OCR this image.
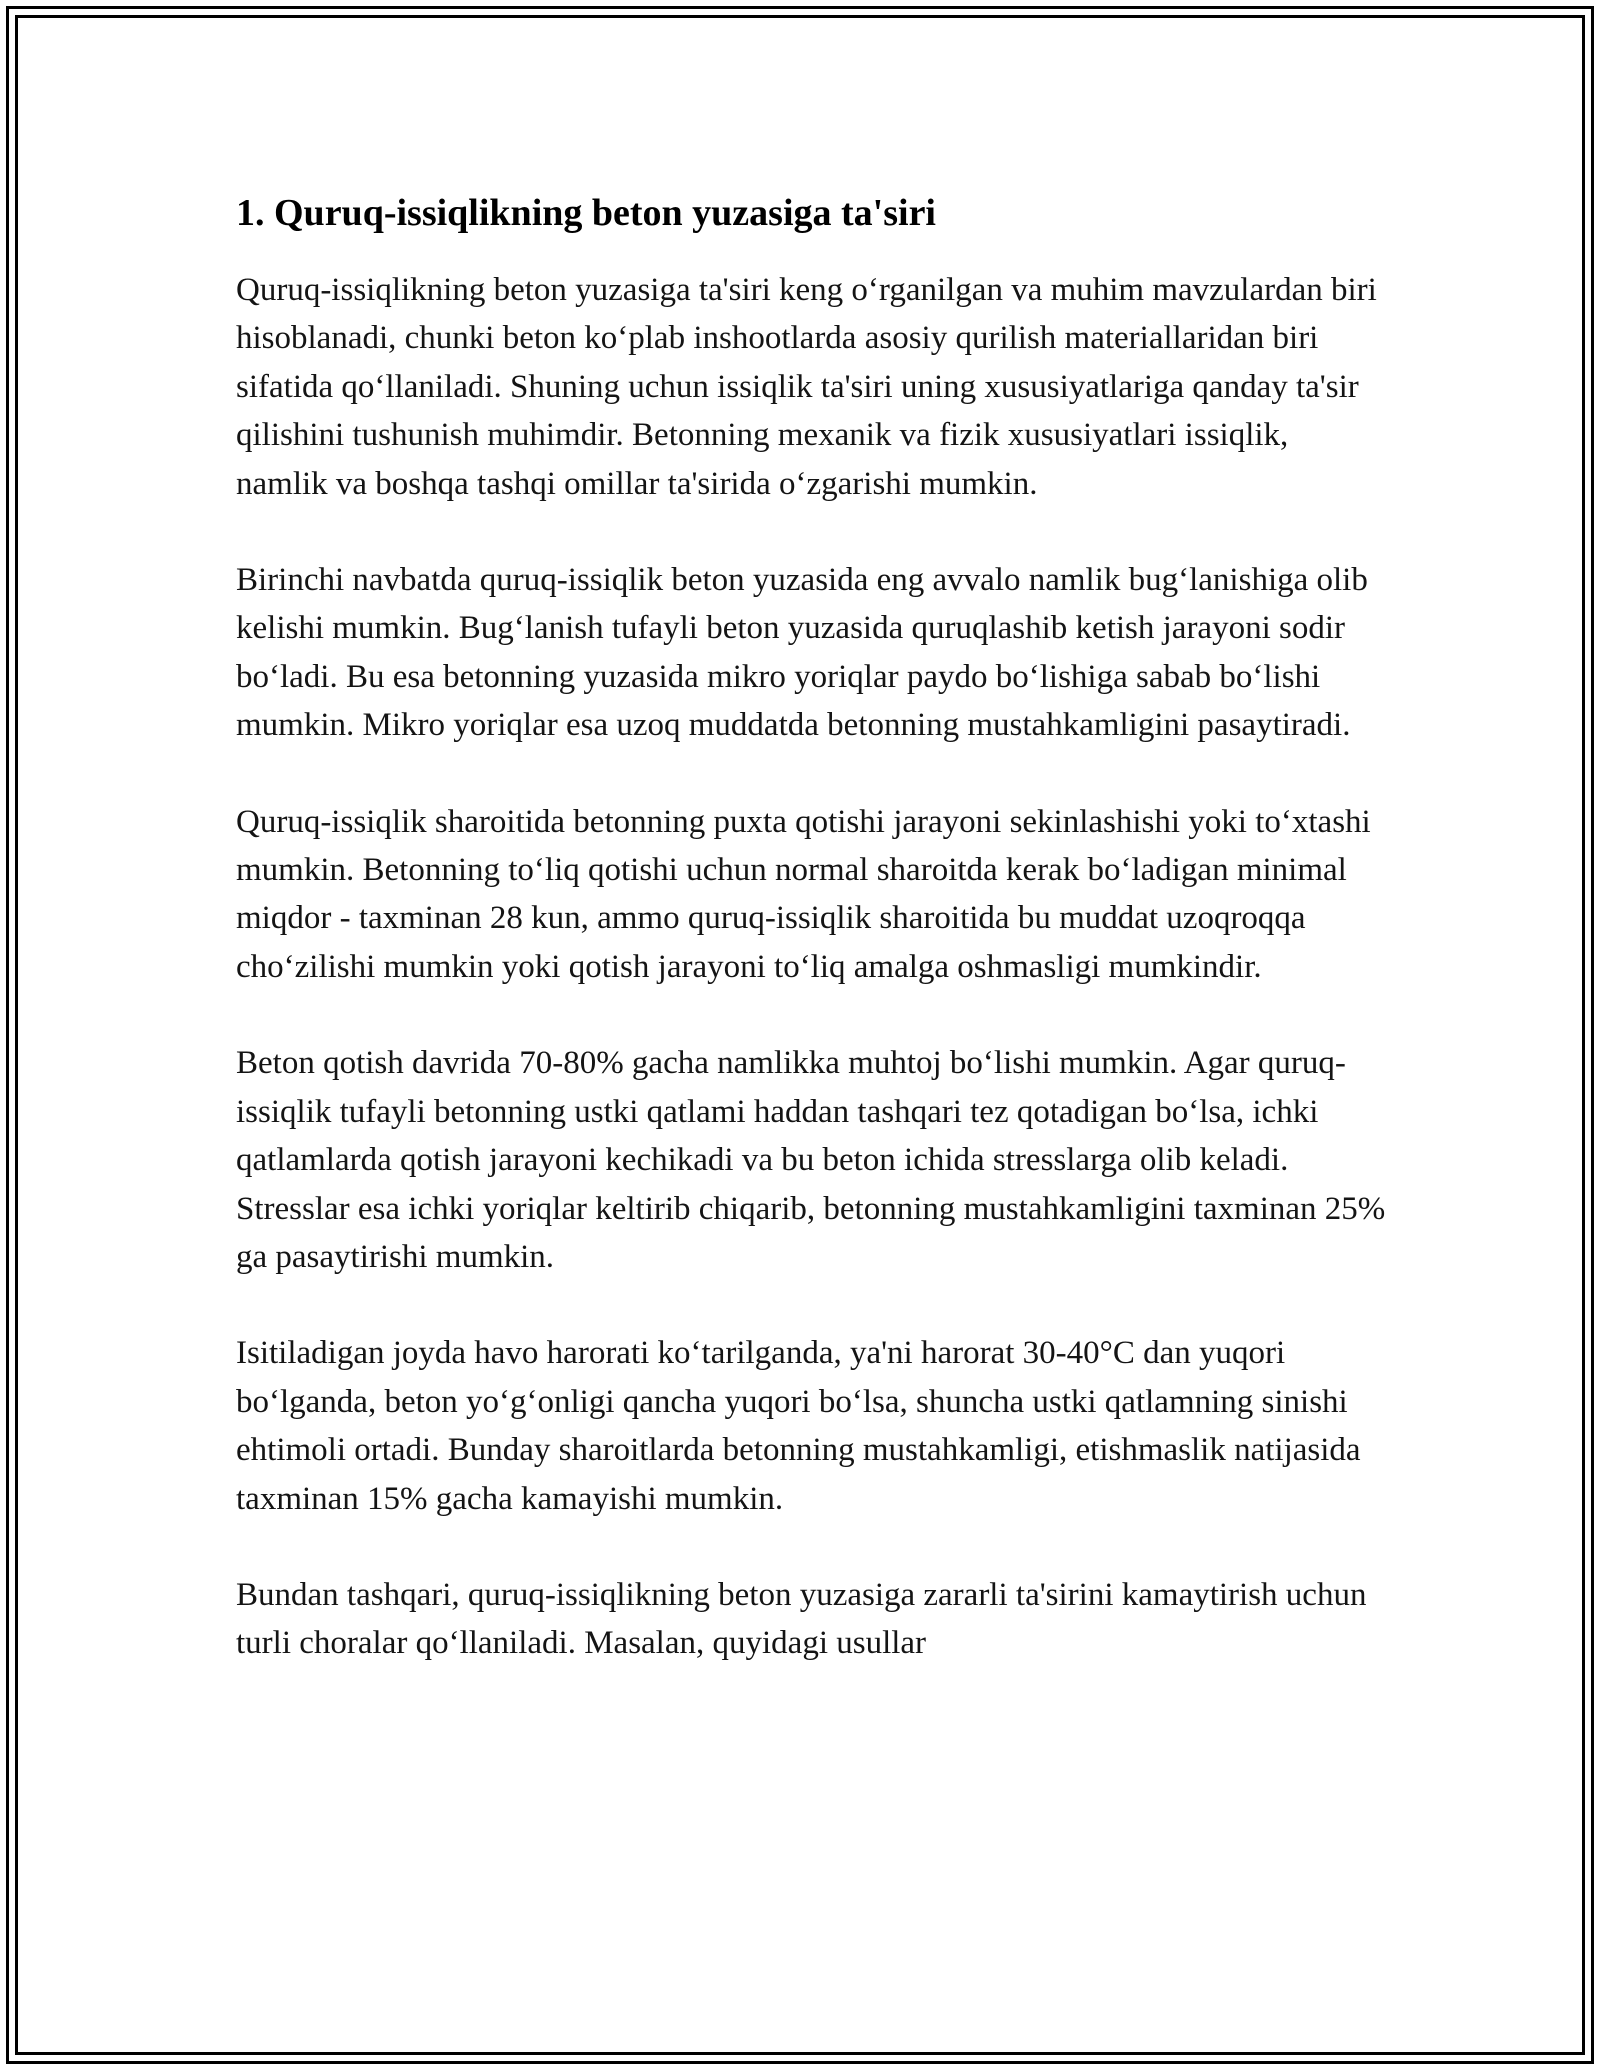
1. Quruq-issiqlikning beton yuzasiga ta'siri

Quruq-issiqlikning beton yuzasiga ta'siri keng oʻrganilgan va muhim mavzulardan biri hisoblanadi, chunki beton koʻplab inshootlarda asosiy qurilish materiallaridan biri sifatida qoʻllaniladi. Shuning uchun issiqlik ta'siri uning xususiyatlariga qanday ta'sir qilishini tushunish muhimdir. Betonning mexanik va fizik xususiyatlari issiqlik, namlik va boshqa tashqi omillar ta'sirida oʻzgarishi mumkin.

Birinchi navbatda quruq-issiqlik beton yuzasida eng avvalo namlik bugʻlanishiga olib kelishi mumkin. Bugʻlanish tufayli beton yuzasida quruqlashib ketish jarayoni sodir boʻladi. Bu esa betonning yuzasida mikro yoriqlar paydo boʻlishiga sabab boʻlishi mumkin. Mikro yoriqlar esa uzoq muddatda betonning mustahkamligini pasaytiradi.

Quruq-issiqlik sharoitida betonning puxta qotishi jarayoni sekinlashishi yoki toʻxtashi mumkin. Betonning toʻliq qotishi uchun normal sharoitda kerak boʻladigan minimal miqdor - taxminan 28 kun, ammo quruq-issiqlik sharoitida bu muddat uzoqroqqa choʻzilishi mumkin yoki qotish jarayoni toʻliq amalga oshmasligi mumkindir.

Beton qotish davrida 70-80% gacha namlikka muhtoj boʻlishi mumkin. Agar quruq-issiqlik tufayli betonning ustki qatlami haddan tashqari tez qotadigan boʻlsa, ichki qatlamlarda qotish jarayoni kechikadi va bu beton ichida stresslarga olib keladi. Stresslar esa ichki yoriqlar keltirib chiqarib, betonning mustahkamligini taxminan 25% ga pasaytirishi mumkin.

Isitiladigan joyda havo harorati koʻtarilganda, ya'ni harorat 30-40°C dan yuqori boʻlganda, beton yoʻgʻonligi qancha yuqori boʻlsa, shuncha ustki qatlamning sinishi ehtimoli ortadi. Bunday sharoitlarda betonning mustahkamligi, etishmaslik natijasida taxminan 15% gacha kamayishi mumkin.

Bundan tashqari, quruq-issiqlikning beton yuzasiga zararli ta'sirini kamaytirish uchun turli choralar qoʻllaniladi. Masalan, quyidagi usullar
